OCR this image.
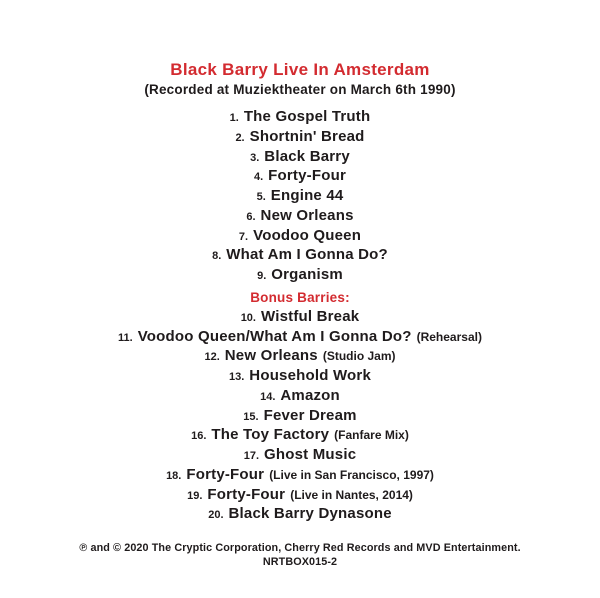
Black Barry Live In Amsterdam
(Recorded at Muziektheater on March 6th 1990)
1. The Gospel Truth
2. Shortnin' Bread
3. Black Barry
4. Forty-Four
5. Engine 44
6. New Orleans
7. Voodoo Queen
8. What Am I Gonna Do?
9. Organism
Bonus Barries:
10. Wistful Break
11. Voodoo Queen/What Am I Gonna Do? (Rehearsal)
12. New Orleans (Studio Jam)
13. Household Work
14. Amazon
15. Fever Dream
16. The Toy Factory (Fanfare Mix)
17. Ghost Music
18. Forty-Four (Live in San Francisco, 1997)
19. Forty-Four (Live in Nantes, 2014)
20. Black Barry Dynasone
℗ and © 2020 The Cryptic Corporation, Cherry Red Records and MVD Entertainment.
NRTBOX015-2
